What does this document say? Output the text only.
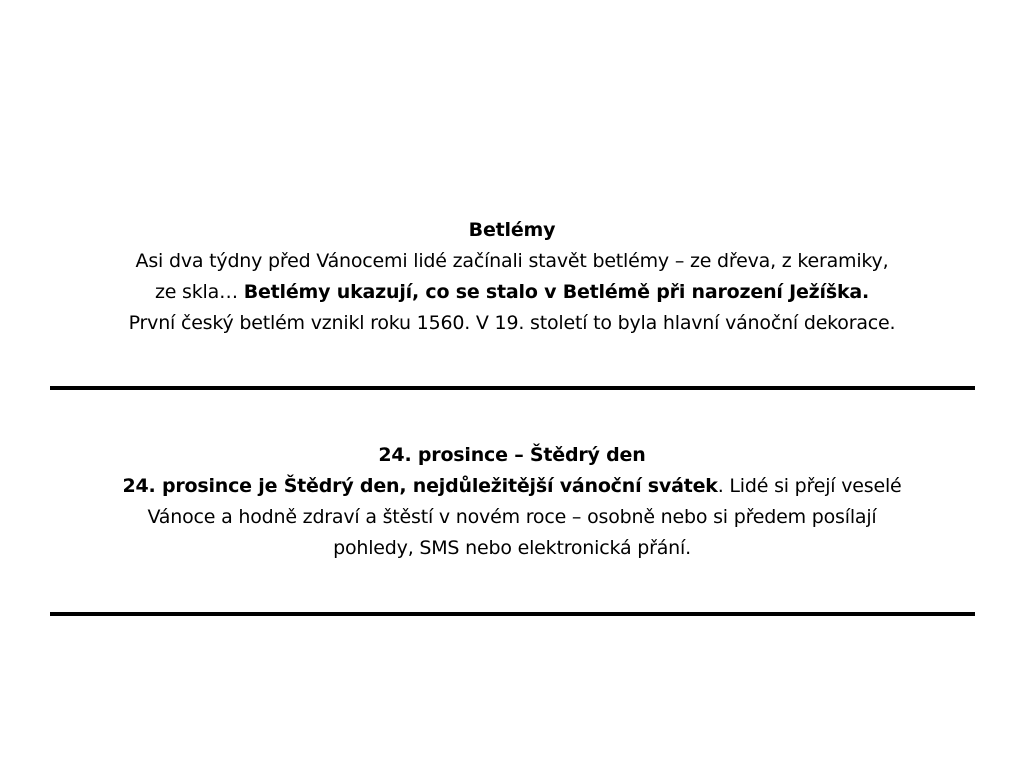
Betlémy
Asi dva týdny před Vánocemi lidé začínali stavět betlémy – ze dřeva, z keramiky,
ze skla… Betlémy ukazují, co se stalo v Betlémě při narození Ježíška.
První český betlém vznikl roku 1560. V 19. století to byla hlavní vánoční dekorace.
24. prosince – Štědrý den
24. prosince je Štědrý den, nejdůležitější vánoční svátek. Lidé si přejí veselé
Vánoce a hodně zdraví a štěstí v novém roce – osobně nebo si předem posílají
pohledy, SMS nebo elektronická přání.
